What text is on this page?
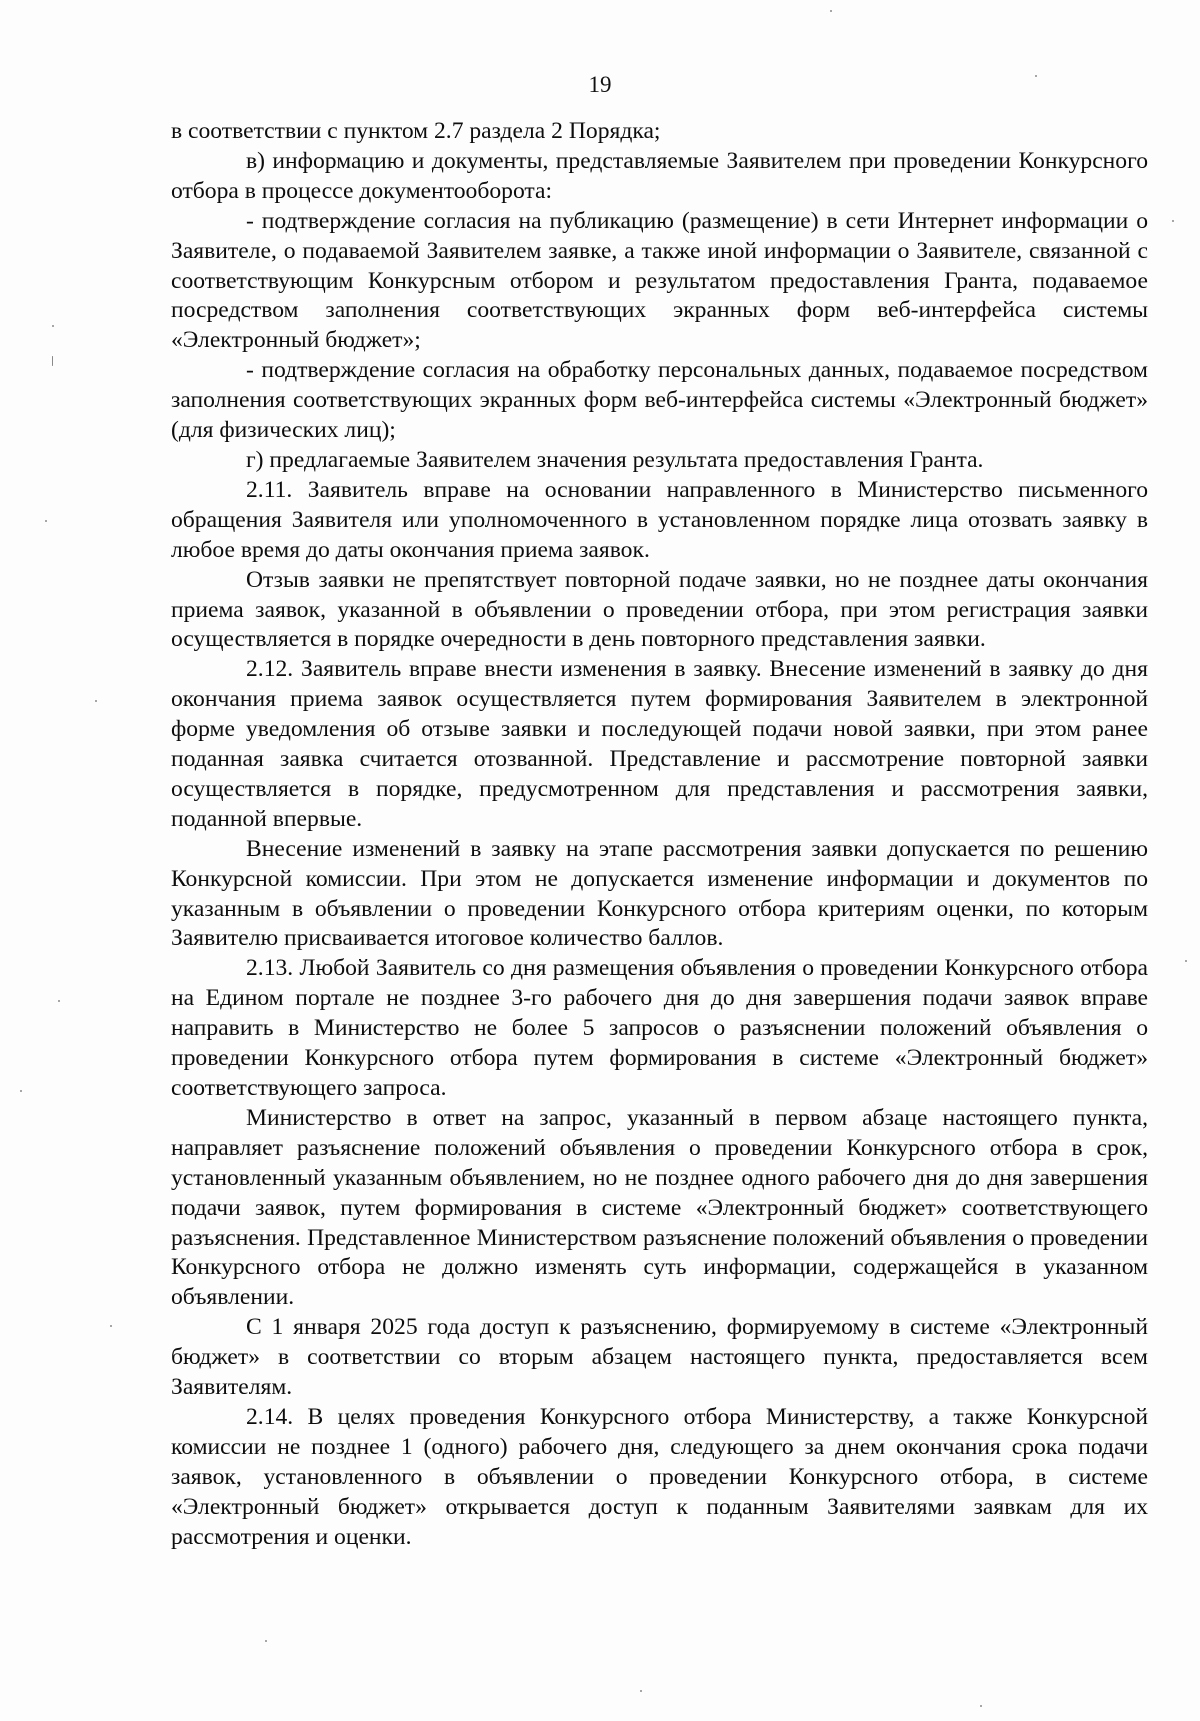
19

в соответствии с пунктом 2.7 раздела 2 Порядка;

в) информацию и документы, представляемые Заявителем при проведении Конкурсного отбора в процессе документооборота:

- подтверждение согласия на публикацию (размещение) в сети Интернет информации о Заявителе, о подаваемой Заявителем заявке, а также иной информации о Заявителе, связанной с соответствующим Конкурсным отбором и результатом предоставления Гранта, подаваемое посредством заполнения соответствующих экранных форм веб-интерфейса системы «Электронный бюджет»;

- подтверждение согласия на обработку персональных данных, подаваемое посредством заполнения соответствующих экранных форм веб-интерфейса системы «Электронный бюджет» (для физических лиц);

г) предлагаемые Заявителем значения результата предоставления Гранта.

2.11. Заявитель вправе на основании направленного в Министерство письменного обращения Заявителя или уполномоченного в установленном порядке лица отозвать заявку в любое время до даты окончания приема заявок.

Отзыв заявки не препятствует повторной подаче заявки, но не позднее даты окончания приема заявок, указанной в объявлении о проведении отбора, при этом регистрация заявки осуществляется в порядке очередности в день повторного представления заявки.

2.12. Заявитель вправе внести изменения в заявку. Внесение изменений в заявку до дня окончания приема заявок осуществляется путем формирования Заявителем в электронной форме уведомления об отзыве заявки и последующей подачи новой заявки, при этом ранее поданная заявка считается отозванной. Представление и рассмотрение повторной заявки осуществляется в порядке, предусмотренном для представления и рассмотрения заявки, поданной впервые.

Внесение изменений в заявку на этапе рассмотрения заявки допускается по решению Конкурсной комиссии. При этом не допускается изменение информации и документов по указанным в объявлении о проведении Конкурсного отбора критериям оценки, по которым Заявителю присваивается итоговое количество баллов.

2.13. Любой Заявитель со дня размещения объявления о проведении Конкурсного отбора на Едином портале не позднее 3-го рабочего дня до дня завершения подачи заявок вправе направить в Министерство не более 5 запросов о разъяснении положений объявления о проведении Конкурсного отбора путем формирования в системе «Электронный бюджет» соответствующего запроса.

Министерство в ответ на запрос, указанный в первом абзаце настоящего пункта, направляет разъяснение положений объявления о проведении Конкурсного отбора в срок, установленный указанным объявлением, но не позднее одного рабочего дня до дня завершения подачи заявок, путем формирования в системе «Электронный бюджет» соответствующего разъяснения. Представленное Министерством разъяснение положений объявления о проведении Конкурсного отбора не должно изменять суть информации, содержащейся в указанном объявлении.

С 1 января 2025 года доступ к разъяснению, формируемому в системе «Электронный бюджет» в соответствии со вторым абзацем настоящего пункта, предоставляется всем Заявителям.

2.14. В целях проведения Конкурсного отбора Министерству, а также Конкурсной комиссии не позднее 1 (одного) рабочего дня, следующего за днем окончания срока подачи заявок, установленного в объявлении о проведении Конкурсного отбора, в системе «Электронный бюджет» открывается доступ к поданным Заявителями заявкам для их рассмотрения и оценки.
